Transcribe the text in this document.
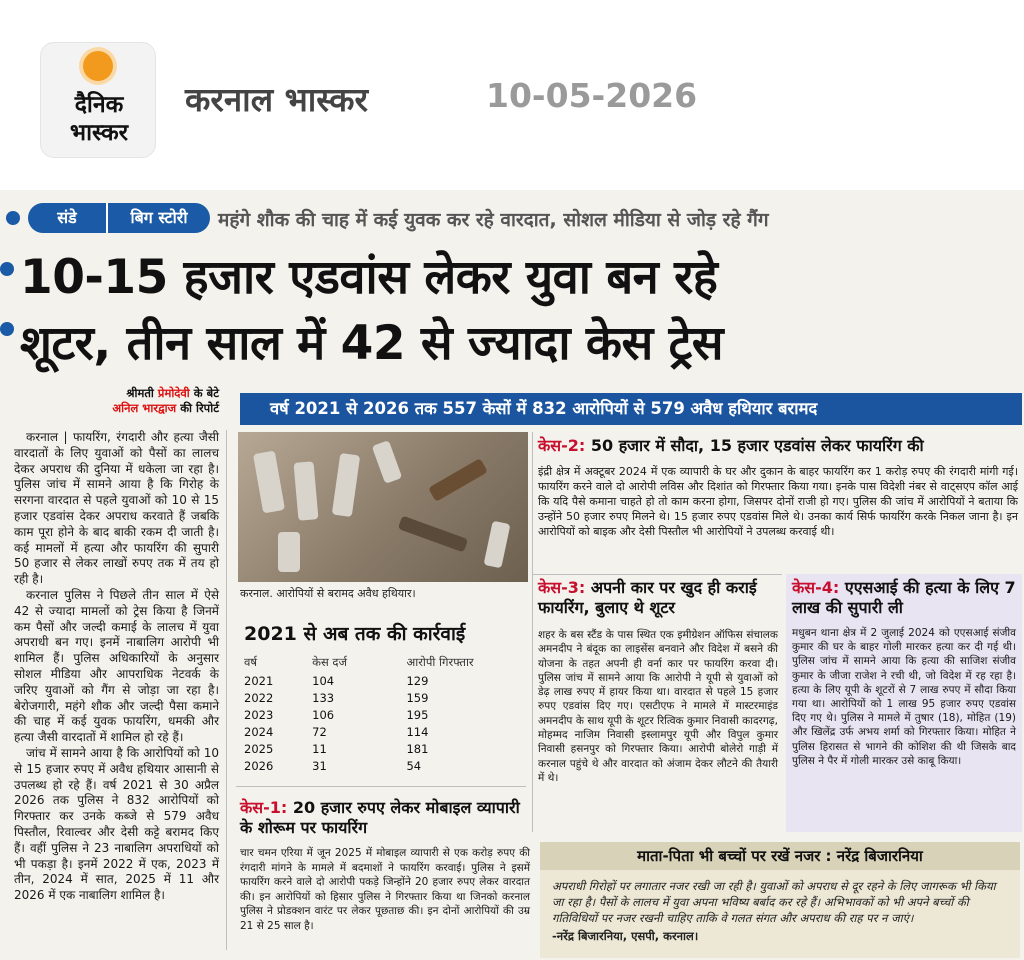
दैनिक
भास्कर
करनाल भास्कर	10-05-2026
संडे	बिग स्टोरी	महंगे शौक की चाह में कई युवक कर रहे वारदात, सोशल मीडिया से जोड़ रहे गैंग
10-15 हजार एडवांस लेकर युवा बन रहे
शूटर, तीन साल में 42 से ज्यादा केस ट्रेस
श्रीमती प्रेमोदेवी के बेटे
अनिल भारद्वाज की रिपोर्ट

करनाल | फायरिंग, रंगदारी और हत्या जैसी वारदातों के लिए युवाओं को पैसों का लालच देकर अपराध की दुनिया में धकेला जा रहा है। पुलिस जांच में सामने आया है कि गिरोह के सरगना वारदात से पहले युवाओं को 10 से 15 हजार एडवांस देकर अपराध करवाते हैं जबकि काम पूरा होने के बाद बाकी रकम दी जाती है। कई मामलों में हत्या और फायरिंग की सुपारी 50 हजार से लेकर लाखों रुपए तक में तय हो रही है।

करनाल पुलिस ने पिछले तीन साल में ऐसे 42 से ज्यादा मामलों को ट्रेस किया है जिनमें कम पैसों और जल्दी कमाई के लालच में युवा अपराधी बन गए। इनमें नाबालिग आरोपी भी शामिल हैं। पुलिस अधिकारियों के अनुसार सोशल मीडिया और आपराधिक नेटवर्क के जरिए युवाओं को गैंग से जोड़ा जा रहा है। बेरोजगारी, महंगे शौक और जल्दी पैसा कमाने की चाह में कई युवक फायरिंग, धमकी और हत्या जैसी वारदातों में शामिल हो रहे हैं।

जांच में सामने आया है कि आरोपियों को 10 से 15 हजार रुपए में अवैध हथियार आसानी से उपलब्ध हो रहे हैं। वर्ष 2021 से 30 अप्रैल 2026 तक पुलिस ने 832 आरोपियों को गिरफ्तार कर उनके कब्जे से 579 अवैध पिस्तौल, रिवाल्वर और देसी कट्टे बरामद किए हैं। वहीं पुलिस ने 23 नाबालिग अपराधियों को भी पकड़ा है। इनमें 2022 में एक, 2023 में तीन, 2024 में सात, 2025 में 11 और 2026 में एक नाबालिग शामिल है।

वर्ष 2021 से 2026 तक 557 केसों में 832 आरोपियों से 579 अवैध हथियार बरामद
करनाल. आरोपियों से बरामद अवैध हथियार।
2021 से अब तक की कार्रवाई
वर्ष	केस दर्ज	आरोपी गिरफ्तार
2021	104	129
2022	133	159
2023	106	195
2024	72	114
2025	11	181
2026	31	54
केस-1: 20 हजार रुपए लेकर मोबाइल व्यापारी के शोरूम पर फायरिंग
चार चमन एरिया में जून 2025 में मोबाइल व्यापारी से एक करोड़ रुपए की रंगदारी मांगने के मामले में बदमाशों ने फायरिंग करवाई। पुलिस ने इसमें फायरिंग करने वाले दो आरोपी पकड़े जिन्होंने 20 हजार रुपए लेकर वारदात की। इन आरोपियों को हिसार पुलिस ने गिरफ्तार किया था जिनको करनाल पुलिस ने प्रोडक्शन वारंट पर लेकर पूछताछ की। इन दोनों आरोपियों की उम्र 21 से 25 साल है।
केस-2: 50 हजार में सौदा, 15 हजार एडवांस लेकर फायरिंग की
इंद्री क्षेत्र में अक्टूबर 2024 में एक व्यापारी के घर और दुकान के बाहर फायरिंग कर 1 करोड़ रुपए की रंगदारी मांगी गई। फायरिंग करने वाले दो आरोपी लविस और दिशांत को गिरफ्तार किया गया। इनके पास विदेशी नंबर से वाट्सएप कॉल आई कि यदि पैसे कमाना चाहते हो तो काम करना होगा, जिसपर दोनों राजी हो गए। पुलिस की जांच में आरोपियों ने बताया कि उन्होंने 50 हजार रुपए मिलने थे। 15 हजार रुपए एडवांस मिले थे। उनका कार्य सिर्फ फायरिंग करके निकल जाना है। इन आरोपियों को बाइक और देसी पिस्तौल भी आरोपियों ने उपलब्ध करवाई थी।
केस-3: अपनी कार पर खुद ही कराई फायरिंग, बुलाए थे शूटर
शहर के बस स्टैंड के पास स्थित एक इमीग्रेशन ऑफिस संचालक अमनदीप ने बंदूक का लाइसेंस बनवाने और विदेश में बसने की योजना के तहत अपनी ही वर्ना कार पर फायरिंग करवा दी। पुलिस जांच में सामने आया कि आरोपी ने यूपी से युवाओं को डेढ़ लाख रुपए में हायर किया था। वारदात से पहले 15 हजार रुपए एडवांस दिए गए। एसटीएफ ने मामले में मास्टरमाइंड अमनदीप के साथ यूपी के शूटर रित्विक कुमार निवासी कादरगढ़, मोहम्मद नाजिम निवासी इस्लामपुर यूपी और विपुल कुमार निवासी हसनपुर को गिरफ्तार किया। आरोपी बोलेरो गाड़ी में करनाल पहुंचे थे और वारदात को अंजाम देकर लौटने की तैयारी में थे।
केस-4: एएसआई की हत्या के लिए 7 लाख की सुपारी ली
मधुबन थाना क्षेत्र में 2 जुलाई 2024 को एएसआई संजीव कुमार की घर के बाहर गोली मारकर हत्या कर दी गई थी। पुलिस जांच में सामने आया कि हत्या की साजिश संजीव कुमार के जीजा राजेश ने रची थी, जो विदेश में रह रहा है। हत्या के लिए यूपी के शूटरों से 7 लाख रुपए में सौदा किया गया था। आरोपियों को 1 लाख 95 हजार रुपए एडवांस दिए गए थे। पुलिस ने मामले में तुषार (18), मोहित (19) और खिलेंद्र उर्फ अभय शर्मा को गिरफ्तार किया। मोहित ने पुलिस हिरासत से भागने की कोशिश की थी जिसके बाद पुलिस ने पैर में गोली मारकर उसे काबू किया।
माता-पिता भी बच्चों पर रखें नजर : नरेंद्र बिजारनिया
अपराधी गिरोहों पर लगातार नजर रखी जा रही है। युवाओं को अपराध से दूर रहने के लिए जागरूक भी किया जा रहा है। पैसों के लालच में युवा अपना भविष्य बर्बाद कर रहे हैं। अभिभावकों को भी अपने बच्चों की गतिविधियों पर नजर रखनी चाहिए ताकि वे गलत संगत और अपराध की राह पर न जाएं।
-नरेंद्र बिजारनिया, एसपी, करनाल।
